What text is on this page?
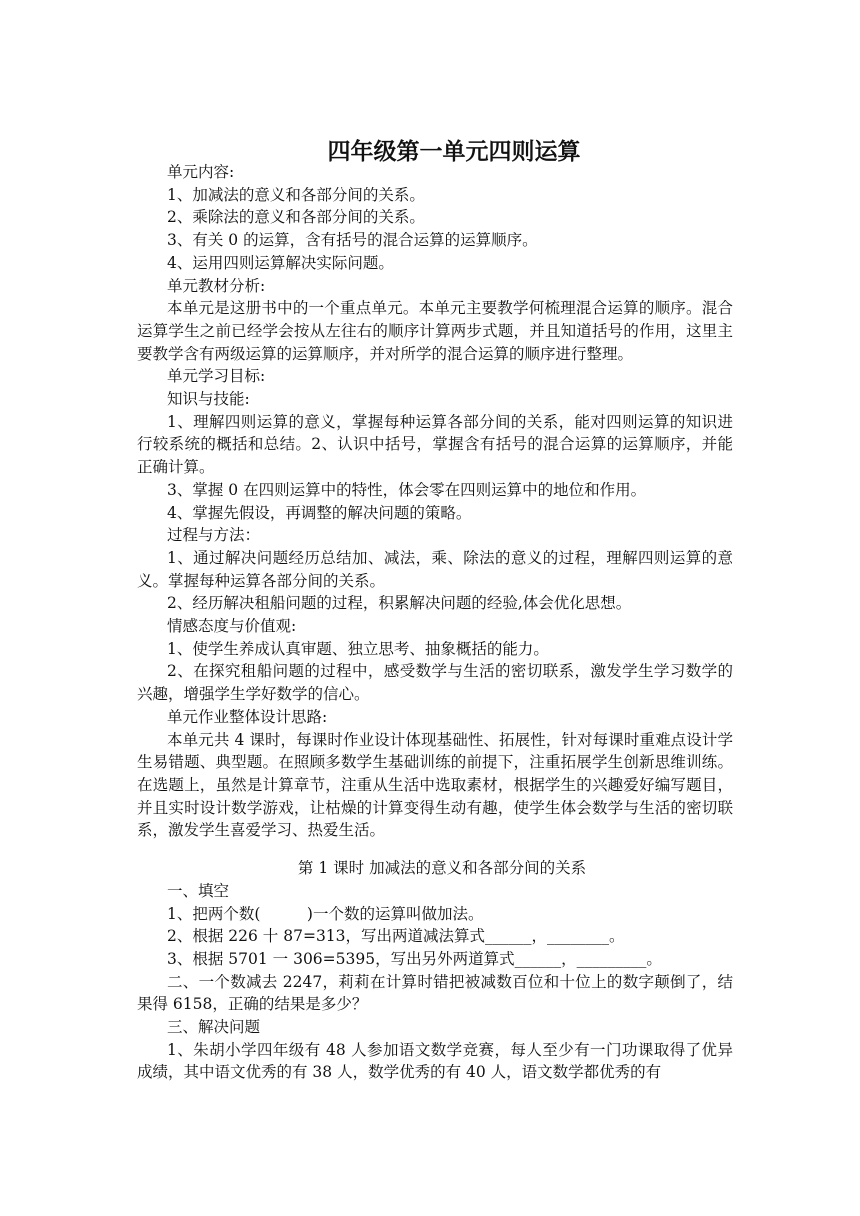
四年级第一单元四则运算

单元内容:

1、加减法的意义和各部分间的关系。

2、乘除法的意义和各部分间的关系。

3、有关 0 的运算，含有括号的混合运算的运算顺序。

4、运用四则运算解决实际问题。

单元教材分析:

本单元是这册书中的一个重点单元。本单元主要教学何梳理混合运算的顺序。混合运算学生之前已经学会按从左往右的顺序计算两步式题，并且知道括号的作用，这里主要教学含有两级运算的运算顺序，并对所学的混合运算的顺序进行整理。

单元学习目标:

知识与技能:

1、理解四则运算的意义，掌握每种运算各部分间的关系，能对四则运算的知识进行较系统的概括和总结。2、认识中括号，掌握含有括号的混合运算的运算顺序，并能正确计算。

3、掌握 0 在四则运算中的特性，体会零在四则运算中的地位和作用。

4、掌握先假设，再调整的解决问题的策略。

过程与方法：

1、通过解决问题经历总结加、减法，乘、除法的意义的过程，理解四则运算的意义。掌握每种运算各部分间的关系。

2、经历解决租船问题的过程，积累解决问题的经验,体会优化思想。

情感态度与价值观:

1、使学生养成认真审题、独立思考、抽象概括的能力。

2、在探究租船问题的过程中，感受数学与生活的密切联系，激发学生学习数学的兴趣，增强学生学好数学的信心。

单元作业整体设计思路:

本单元共 4 课时，每课时作业设计体现基础性、拓展性，针对每课时重难点设计学生易错题、典型题。在照顾多数学生基础训练的前提下，注重拓展学生创新思维训练。在选题上，虽然是计算章节，注重从生活中选取素材，根据学生的兴趣爱好编写题目，并且实时设计数学游戏，让枯燥的计算变得生动有趣，使学生体会数学与生活的密切联系，激发学生喜爱学习、热爱生活。

第 1 课时 加减法的意义和各部分间的关系

一、填空

1、把两个数(　　　)一个数的运算叫做加法。

2、根据 226 十 87=313，写出两道减法算式______，________。

3、根据 5701 一 306=5395，写出另外两道算式______，_________。

二、一个数减去 2247，莉莉在计算时错把被减数百位和十位上的数字颠倒了，结果得 6158，正确的结果是多少？

三、解决问题

1、朱胡小学四年级有 48 人参加语文数学竞赛，每人至少有一门功课取得了优异成绩，其中语文优秀的有 38 人，数学优秀的有 40 人，语文数学都优秀的有
